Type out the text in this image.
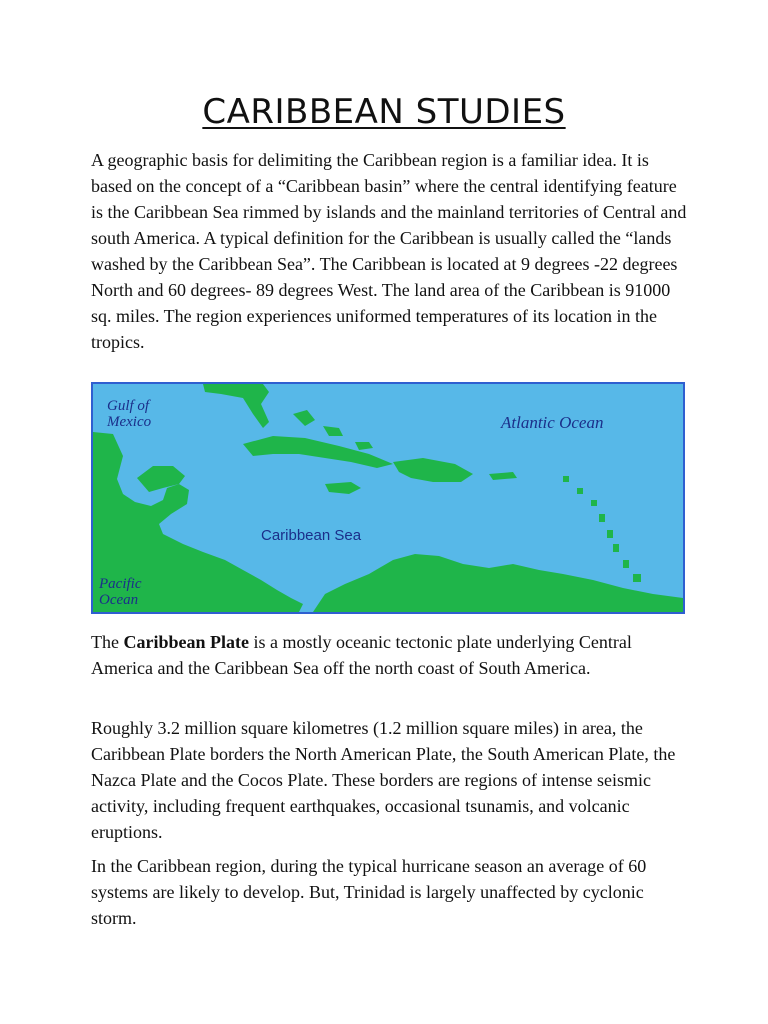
CARIBBEAN STUDIES

A geographic basis for delimiting the Caribbean region is a familiar idea. It is based on the concept of a “Caribbean basin” where the central identifying feature is the Caribbean Sea rimmed by islands and the mainland territories of Central and south America. A typical definition for the Caribbean is usually called the “lands washed by the Caribbean Sea”. The Caribbean is located at 9 degrees -22 degrees North and 60 degrees- 89 degrees West. The land area of the Caribbean is 91000 sq. miles. The region experiences uniformed temperatures of its location in the tropics.

Gulf of
Mexico	Atlantic Ocean
Caribbean Sea
Pacific
Ocean

The Caribbean Plate is a mostly oceanic tectonic plate underlying Central America and the Caribbean Sea off the north coast of South America.

Roughly 3.2 million square kilometres (1.2 million square miles) in area, the Caribbean Plate borders the North American Plate, the South American Plate, the Nazca Plate and the Cocos Plate. These borders are regions of intense seismic activity, including frequent earthquakes, occasional tsunamis, and volcanic eruptions.

In the Caribbean region, during the typical hurricane season an average of 60 systems are likely to develop. But, Trinidad is largely unaffected by cyclonic storm.
